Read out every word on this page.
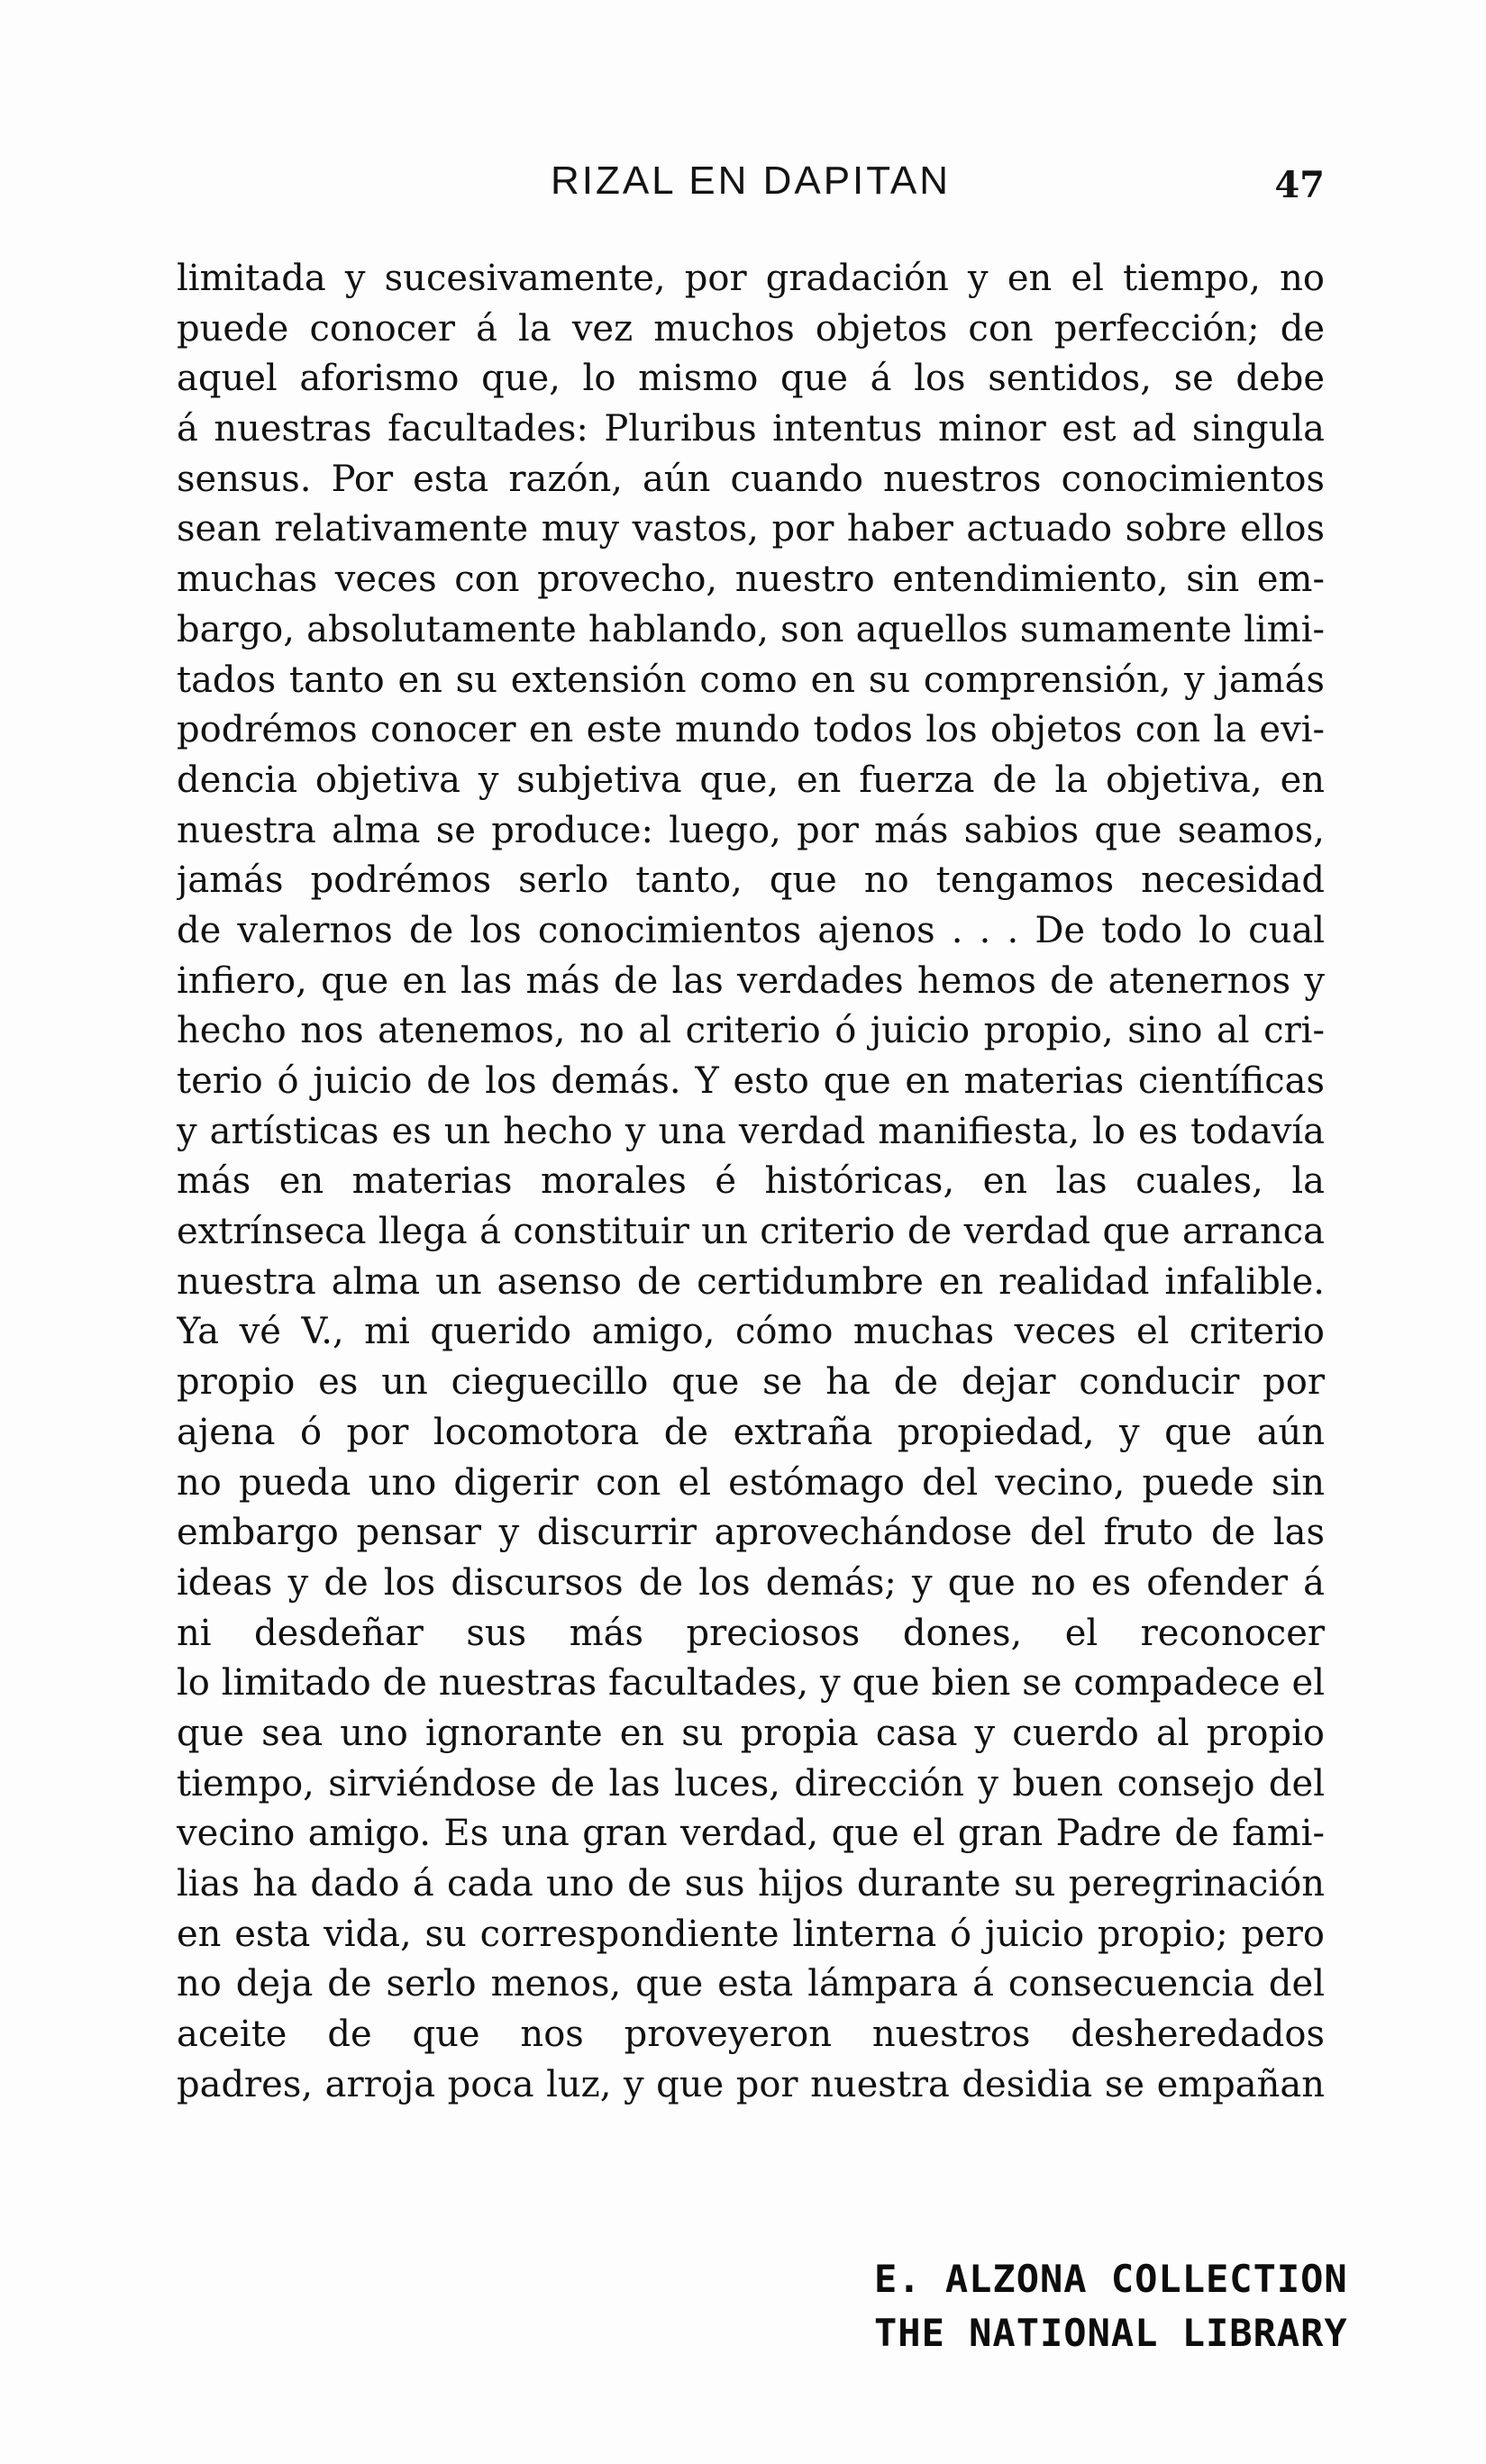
RIZAL EN DAPITAN	47
limitada y sucesivamente, por gradación y en el tiempo, no
puede conocer á la vez muchos objetos con perfección; de
aquel aforismo que, lo mismo que á los sentidos, se debe
á nuestras facultades: Pluribus intentus minor est ad singula
sensus. Por esta razón, aún cuando nuestros conocimientos
sean relativamente muy vastos, por haber actuado sobre ellos
muchas veces con provecho, nuestro entendimiento, sin em-
bargo, absolutamente hablando, son aquellos sumamente limi-
tados tanto en su extensión como en su comprensión, y jamás
podrémos conocer en este mundo todos los objetos con la evi-
dencia objetiva y subjetiva que, en fuerza de la objetiva, en
nuestra alma se produce: luego, por más sabios que seamos,
jamás podrémos serlo tanto, que no tengamos necesidad
de valernos de los conocimientos ajenos . . . De todo lo cual
infiero, que en las más de las verdades hemos de atenernos y
hecho nos atenemos, no al criterio ó juicio propio, sino al cri-
terio ó juicio de los demás. Y esto que en materias científicas
y artísticas es un hecho y una verdad manifiesta, lo es todavía
más en materias morales é históricas, en las cuales, la
extrínseca llega á constituir un criterio de verdad que arranca
nuestra alma un asenso de certidumbre en realidad infalible.
Ya vé V., mi querido amigo, cómo muchas veces el criterio
propio es un cieguecillo que se ha de dejar conducir por
ajena ó por locomotora de extraña propiedad, y que aún
no pueda uno digerir con el estómago del vecino, puede sin
embargo pensar y discurrir aprovechándose del fruto de las
ideas y de los discursos de los demás; y que no es ofender á
ni desdeñar sus más preciosos dones, el reconocer
lo limitado de nuestras facultades, y que bien se compadece el
que sea uno ignorante en su propia casa y cuerdo al propio
tiempo, sirviéndose de las luces, dirección y buen consejo del
vecino amigo. Es una gran verdad, que el gran Padre de fami-
lias ha dado á cada uno de sus hijos durante su peregrinación
en esta vida, su correspondiente linterna ó juicio propio; pero
no deja de serlo menos, que esta lámpara á consecuencia del
aceite de que nos proveyeron nuestros desheredados
padres, arroja poca luz, y que por nuestra desidia se empañan
E. ALZONA COLLECTION
THE NATIONAL LIBRARY
